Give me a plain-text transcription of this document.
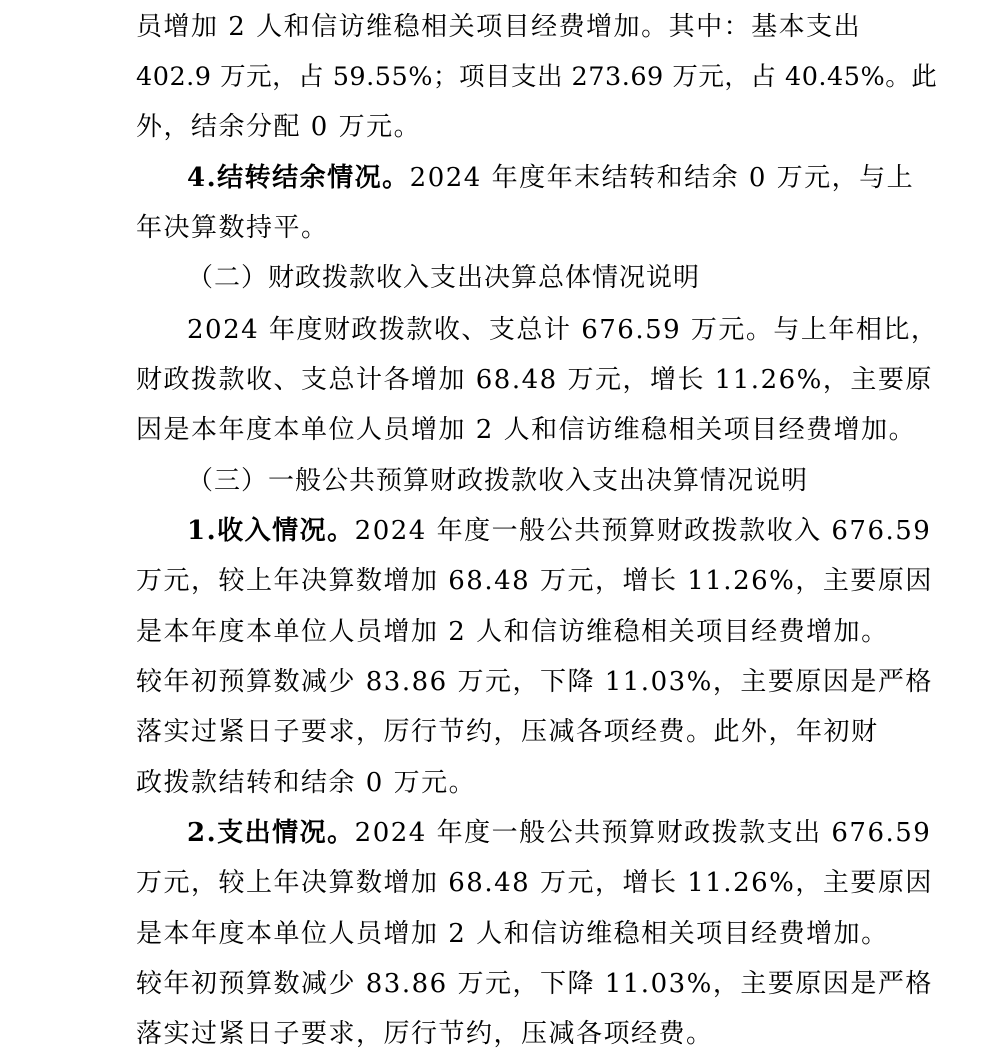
员增加 2 人和信访维稳相关项目经费增加。其中：基本支出
402.9 万元，占 59.55%；项目支出 273.69 万元，占 40.45%。此
外，结余分配 0 万元。
4.结转结余情况。2024 年度年末结转和结余 0 万元，与上
年决算数持平。
（二）财政拨款收入支出决算总体情况说明
2024 年度财政拨款收、支总计 676.59 万元。与上年相比，
财政拨款收、支总计各增加 68.48 万元，增长 11.26%，主要原
因是本年度本单位人员增加 2 人和信访维稳相关项目经费增加。
（三）一般公共预算财政拨款收入支出决算情况说明
1.收入情况。2024 年度一般公共预算财政拨款收入 676.59
万元，较上年决算数增加 68.48 万元，增长 11.26%，主要原因
是本年度本单位人员增加 2 人和信访维稳相关项目经费增加。
较年初预算数减少 83.86 万元，下降 11.03%，主要原因是严格
落实过紧日子要求，厉行节约，压减各项经费。此外，年初财
政拨款结转和结余 0 万元。
2.支出情况。2024 年度一般公共预算财政拨款支出 676.59
万元，较上年决算数增加 68.48 万元，增长 11.26%，主要原因
是本年度本单位人员增加 2 人和信访维稳相关项目经费增加。
较年初预算数减少 83.86 万元，下降 11.03%，主要原因是严格
落实过紧日子要求，厉行节约，压减各项经费。
